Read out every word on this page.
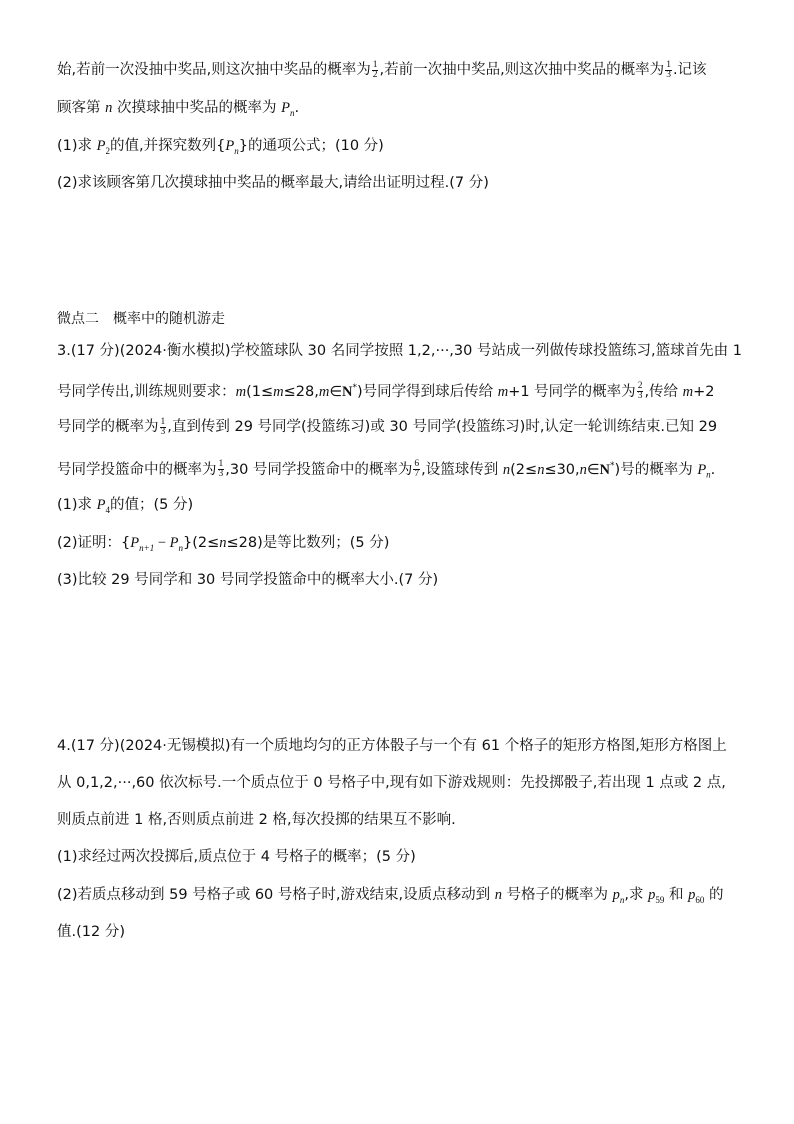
始,若前一次没抽中奖品,则这次抽中奖品的概率为 $\frac{1}{2}$ ,若前一次抽中奖品,则这次抽中奖品的概率为 $\frac{1}{3}$ .记该
顾客第 n 次摸球抽中奖品的概率为 $P_n$.
(1)求 $P_2$的值,并探究数列$\{P_n\}$的通项公式；(10 分)
(2)求该顾客第几次摸球抽中奖品的概率最大,请给出证明过程.(7 分)
微点二　概率中的随机游走
3.(17 分)(2024·衡水模拟)学校篮球队 30 名同学按照 1,2,···,30 号站成一列做传球投篮练习,篮球首先由 1
号同学传出,训练规则要求：m(1≤m≤28,m∈N*)号同学得到球后传给 m+1 号同学的概率为 $\frac{2}{3}$ ,传给 m+2
号同学的概率为 $\frac{1}{3}$ ,直到传到 29 号同学(投篮练习)或 30 号同学(投篮练习)时,认定一轮训练结束.已知 29
号同学投篮命中的概率为 $\frac{1}{3} ,30$ 号同学投篮命中的概率为 $\frac{6}{7}$ ,设篮球传到 n(2≤n≤30,n∈N*)号的概率为 $P_n$.
(1)求 $P_4$的值；(5 分)
(2)证明：$\{P_{n+1} - P_n\}(2\le n\le 28)$是等比数列；(5 分)
(3)比较 29 号同学和 30 号同学投篮命中的概率大小.(7 分)
4.(17 分)(2024·无锡模拟)有一个质地均匀的正方体骰子与一个有 61 个格子的矩形方格图,矩形方格图上
从 0,1,2,···,60 依次标号.一个质点位于 0 号格子中,现有如下游戏规则：先投掷骰子,若出现 1 点或 2 点,
则质点前进 1 格,否则质点前进 2 格,每次投掷的结果互不影响.
(1)求经过两次投掷后,质点位于 4 号格子的概率；(5 分)
(2)若质点移动到 59 号格子或 60 号格子时,游戏结束,设质点移动到 n 号格子的概率为 $p_n$,求 $p_{59}$ 和 $p_{60}$ 的
值.(12 分)
